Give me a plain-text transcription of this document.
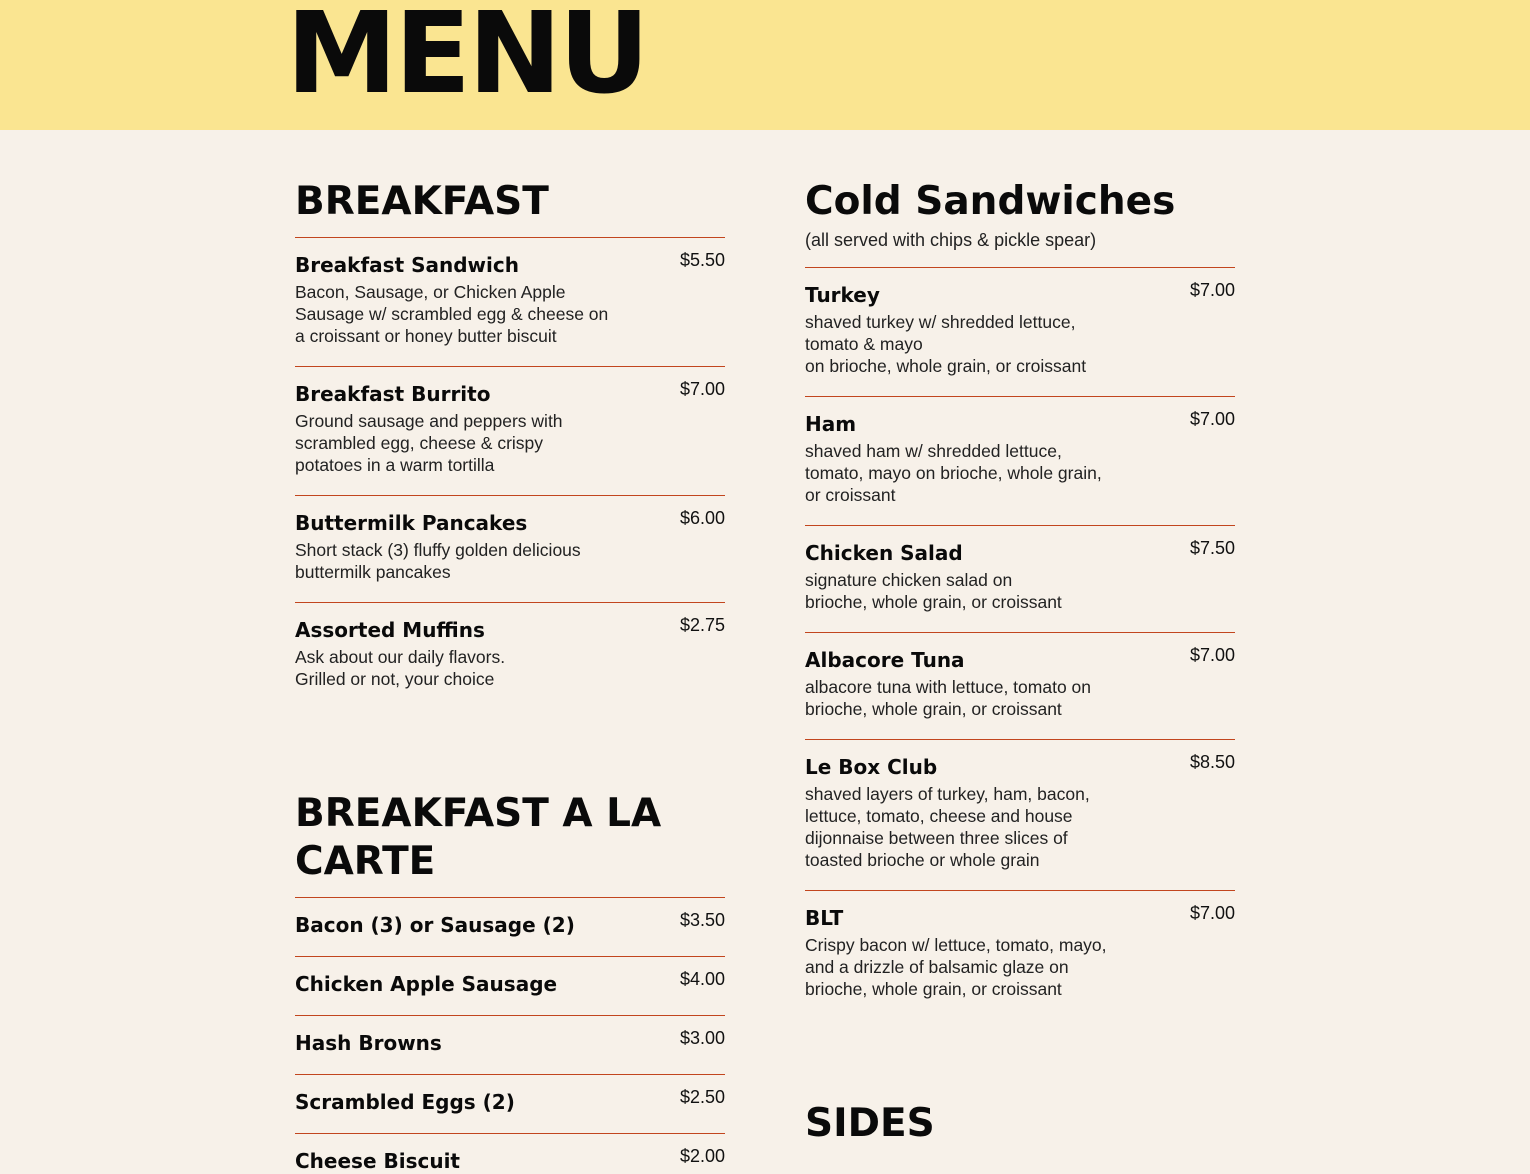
MENU
BREAKFAST
Breakfast Sandwich	$5.50
Bacon, Sausage, or Chicken Apple
Sausage w/ scrambled egg & cheese on
a croissant or honey butter biscuit
Breakfast Burrito	$7.00
Ground sausage and peppers with
scrambled egg, cheese & crispy
potatoes in a warm tortilla
Buttermilk Pancakes	$6.00
Short stack (3) fluffy golden delicious
buttermilk pancakes
Assorted Muffins	$2.75
Ask about our daily flavors.
Grilled or not, your choice
BREAKFAST A LA CARTE
Bacon (3) or Sausage (2)	$3.50
Chicken Apple Sausage	$4.00
Hash Browns	$3.00
Scrambled Eggs (2)	$2.50
Cheese Biscuit	$2.00
Cold Sandwiches
(all served with chips & pickle spear)
Turkey	$7.00
shaved turkey w/ shredded lettuce,
tomato & mayo
on brioche, whole grain, or croissant
Ham	$7.00
shaved ham w/ shredded lettuce,
tomato, mayo on brioche, whole grain,
or croissant
Chicken Salad	$7.50
signature chicken salad on
brioche, whole grain, or croissant
Albacore Tuna	$7.00
albacore tuna with lettuce, tomato on
brioche, whole grain, or croissant
Le Box Club	$8.50
shaved layers of turkey, ham, bacon,
lettuce, tomato, cheese and house
dijonnaise between three slices of
toasted brioche or whole grain
BLT	$7.00
Crispy bacon w/ lettuce, tomato, mayo,
and a drizzle of balsamic glaze on
brioche, whole grain, or croissant
SIDES
